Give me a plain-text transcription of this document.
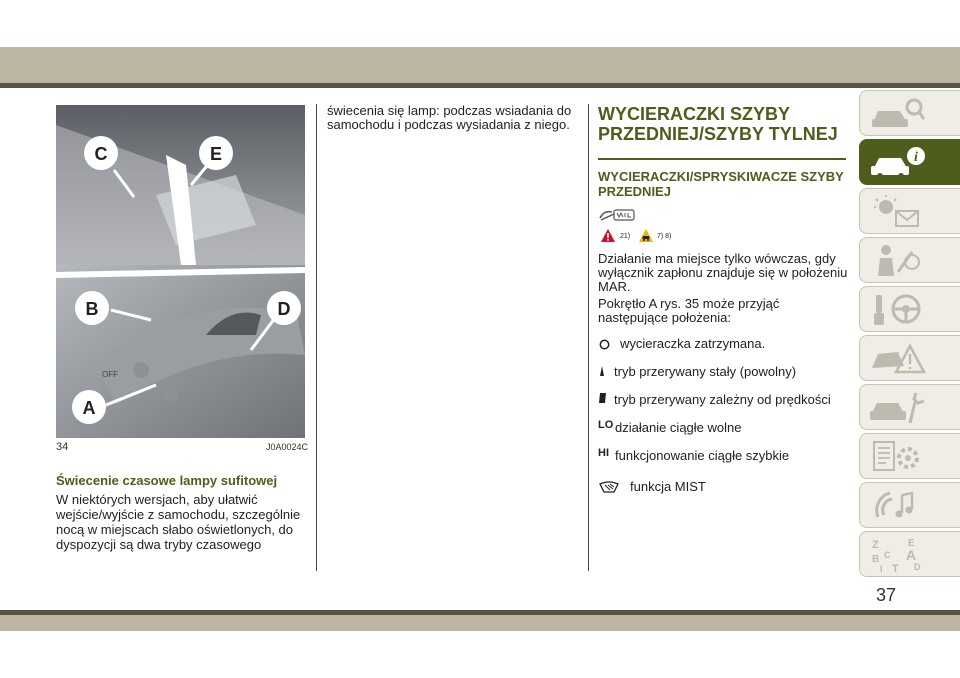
OFF
C	E
B	D
A
34	J0A0024C
Świecenie czasowe lampy sufitowej
W niektórych wersjach, aby ułatwić wejście/wyjście z samochodu, szczególnie nocą w miejscach słabo oświetlonych, do dyspozycji są dwa tryby czasowego
świecenia się lamp: podczas wsiadania do samochodu i podczas wysiadania z niego.
WYCIERACZKI SZYBY PRZEDNIEJ/SZYBY TYLNEJ
WYCIERACZKI/SPRYSKIWACZE SZYBY PRZEDNIEJ
21)	7) 8)
Działanie ma miejsce tylko wówczas, gdy wyłącznik zapłonu znajduje się w położeniu MAR.
Pokrętło A rys. 35 może przyjąć następujące położenia:
wycieraczka zatrzymana.
tryb przerywany stały (powolny)
tryb przerywany zależny od prędkości
LO działanie ciągłe wolne
HI funkcjonowanie ciągłe szybkie
funkcja MIST
i
Z	E
B A
C
D
I T
37
